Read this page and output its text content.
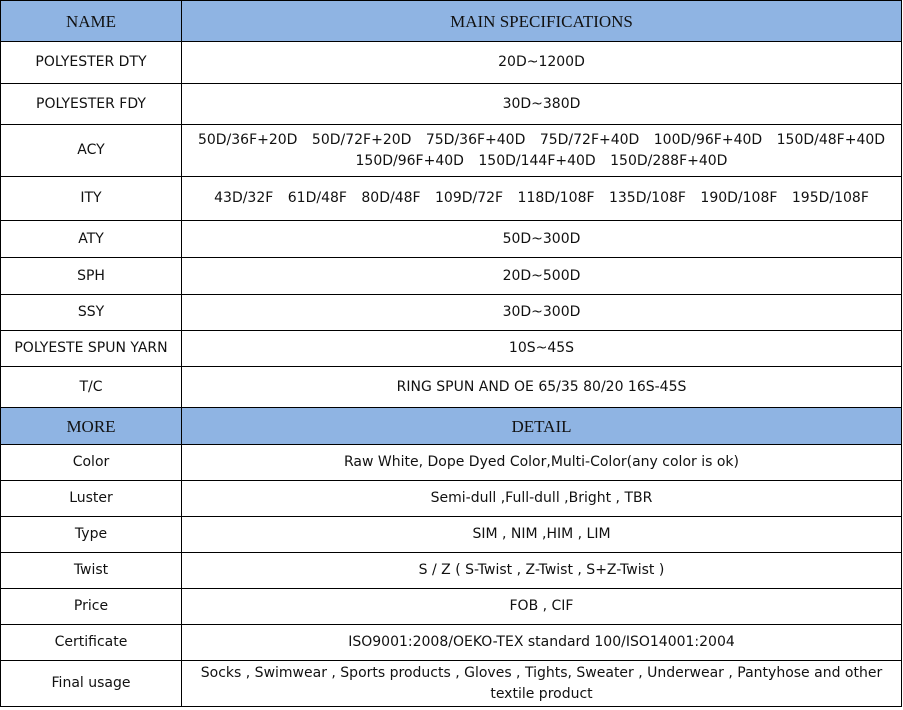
NAME	MAIN SPECIFICATIONS
POLYESTER DTY	20D~1200D
POLYESTER FDY	30D~380D
ACY	50D/36F+20D 50D/72F+20D 75D/36F+40D 75D/72F+40D 100D/96F+40D 150D/48F+40D
150D/96F+40D 150D/144F+40D 150D/288F+40D

ITY	43D/32F 61D/48F 80D/48F 109D/72F 118D/108F 135D/108F 190D/108F 195D/108F
ATY	50D~300D
SPH	20D~500D
SSY	30D~300D
POLYESTE SPUN YARN	10S~45S
T/C	RING SPUN AND OE 65/35 80/20 16S-45S
MORE	DETAIL
Color	Raw White, Dope Dyed Color,Multi-Color(any color is ok)
Luster	Semi-dull ,Full-dull ,Bright , TBR
Type	SIM , NIM ,HIM , LIM
Twist	S / Z ( S-Twist , Z-Twist , S+Z-Twist )
Price	FOB , CIF
Certificate	ISO9001:2008/OEKO-TEX standard 100/ISO14001:2004
Final usage	Socks , Swimwear , Sports products , Gloves , Tights, Sweater , Underwear , Pantyhose and other textile product
